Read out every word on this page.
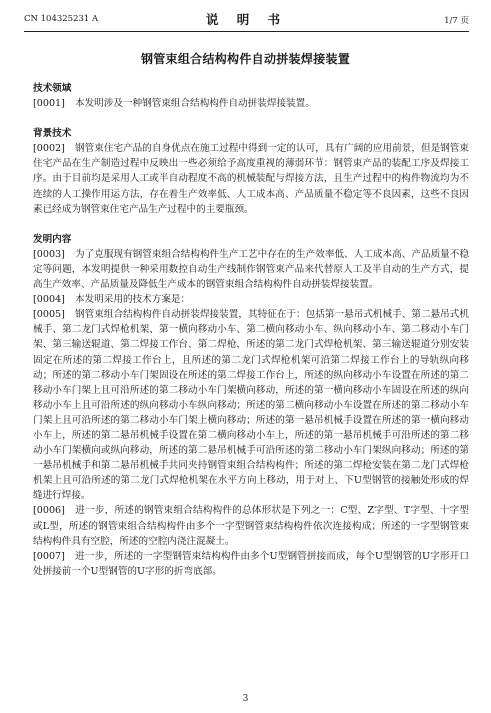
CN 104325231 A	说 明 书	1/7 页
钢管束组合结构构件自动拼装焊接装置
技术领域

[0001] 本发明涉及一种钢管束组合结构构件自动拼装焊接装置。

背景技术

[0002] 钢管束住宅产品的自身优点在施工过程中得到一定的认可，具有广阔的应用前景，但是钢管束住宅产品在生产制造过程中反映出一些必须给予高度重视的薄弱环节：钢管束产品的装配工序及焊接工序。由于目前均是采用人工或半自动程度不高的机械装配与焊接方法，且生产过程中的构件物流均为不连续的人工操作用运方法，存在着生产效率低、人工成本高、产品质量不稳定等不良因素，这些不良因素已经成为钢管束住宅产品生产过程中的主要瓶颈。

发明内容

[0003] 为了克服现有钢管束组合结构构件生产工艺中存在的生产效率低、人工成本高、产品质量不稳定等问题，本发明提供一种采用数控自动生产线制作钢管束产品来代替原人工及半自动的生产方式，提高生产效率、产品质量及降低生产成本的钢管束组合结构构件自动拼装焊接装置。

[0004] 本发明采用的技术方案是：

[0005] 钢管束组合结构构件自动拼装焊接装置，其特征在于：包括第一悬吊式机械手、第二悬吊式机械手、第二龙门式焊枪机架、第一横向移动小车、第二横向移动小车、纵向移动小车、第二移动小车门架、第三输送辊道、第二焊接工作台、第二焊枪，所述的第二龙门式焊枪机架、第三输送辊道分别安装固定在所述的第二焊接工作台上，且所述的第二龙门式焊枪机架可沿第二焊接工作台上的导轨纵向移动；所述的第二移动小车门架固设在所述的第二焊接工作台上，所述的纵向移动小车设置在所述的第二移动小车门架上且可沿所述的第二移动小车门架横向移动，所述的第一横向移动小车固设在所述的纵向移动小车上且可沿所述的纵向移动小车纵向移动；所述的第二横向移动小车设置在所述的第二移动小车门架上且可沿所述的第二移动小车门架上横向移动；所述的第一悬吊机械手设置在所述的第一横向移动小车上，所述的第二悬吊机械手设置在第二横向移动小车上，所述的第一悬吊机械手可沿所述的第二移动小车门架横向或纵向移动，所述的第二悬吊机械手可沿所述的第二移动小车门架纵向移动；所述的第一悬吊机械手和第二悬吊机械手共同夹持钢管束组合结构构件；所述的第二焊枪安装在第二龙门式焊枪机架上且可沿所述的第二龙门式焊枪机架在水平方向上移动，用于对上、下U型钢管的接触处形成的焊缝进行焊接。

[0006] 进一步，所述的钢管束组合结构构件的总体形状是下列之一：C型、Z字型、T字型、十字型或L型，所述的钢管束组合结构构件由多个一字型钢管束结构构件依次连接构成；所述的一字型钢管束结构构件具有空腔，所述的空腔内浇注混凝土。

[0007] 进一步，所述的一字型钢管束结构构件由多个U型钢管拼接而成，每个U型钢管的U字形开口处拼接前一个U型钢管的U字形的折弯底部。

3
